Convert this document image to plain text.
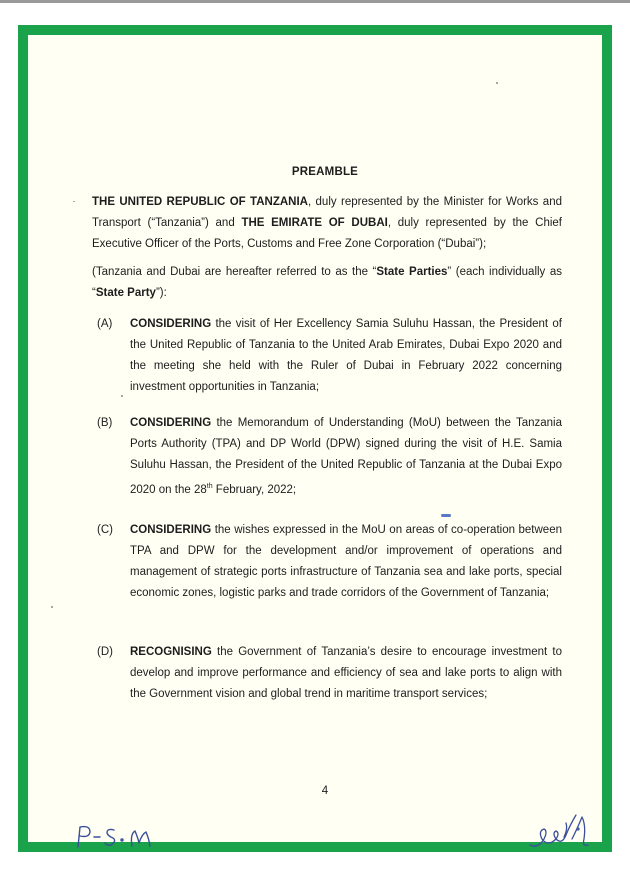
PREAMBLE
THE UNITED REPUBLIC OF TANZANIA, duly represented by the Minister for Works and Transport (“Tanzania”) and THE EMIRATE OF DUBAI, duly represented by the Chief Executive Officer of the Ports, Customs and Free Zone Corporation (“Dubai”);
(Tanzania and Dubai are hereafter referred to as the “State Parties” (each individually as “State Party”):
(A) CONSIDERING the visit of Her Excellency Samia Suluhu Hassan, the President of the United Republic of Tanzania to the United Arab Emirates, Dubai Expo 2020 and the meeting she held with the Ruler of Dubai in February 2022 concerning investment opportunities in Tanzania;
(B) CONSIDERING the Memorandum of Understanding (MoU) between the Tanzania Ports Authority (TPA) and DP World (DPW) signed during the visit of H.E. Samia Suluhu Hassan, the President of the United Republic of Tanzania at the Dubai Expo 2020 on the 28th February, 2022;
(C) CONSIDERING the wishes expressed in the MoU on areas of co-operation between TPA and DPW for the development and/or improvement of operations and management of strategic ports infrastructure of Tanzania sea and lake ports, special economic zones, logistic parks and trade corridors of the Government of Tanzania;
(D) RECOGNISING the Government of Tanzania’s desire to encourage investment to develop and improve performance and efficiency of sea and lake ports to align with the Government vision and global trend in maritime transport services;
4
